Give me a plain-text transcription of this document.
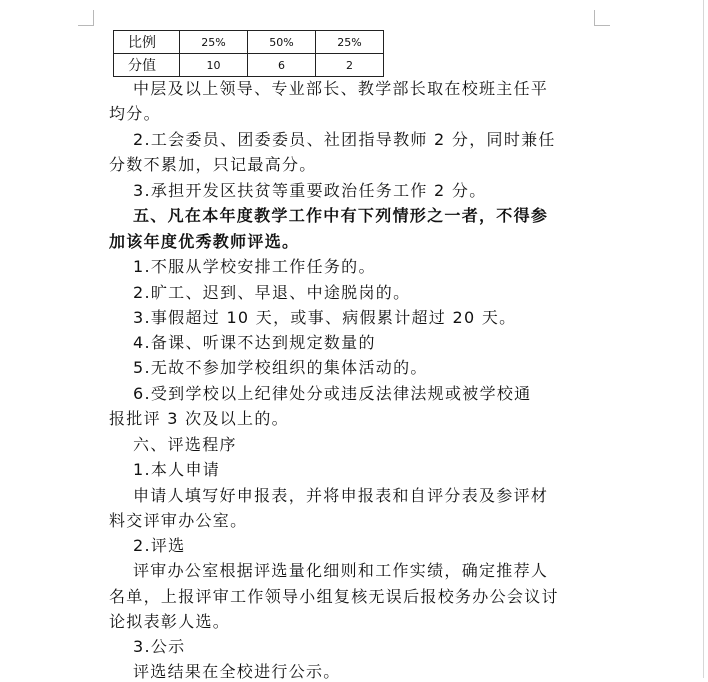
比例	25%	50%	25%
分值	10	6	2
中层及以上领导、专业部长、教学部长取在校班主任平
均分。
2.工会委员、团委委员、社团指导教师 2 分，同时兼任
分数不累加，只记最高分。
3.承担开发区扶贫等重要政治任务工作 2 分。
五、凡在本年度教学工作中有下列情形之一者，不得参
加该年度优秀教师评选。
1.不服从学校安排工作任务的。
2.旷工、迟到、早退、中途脱岗的。
3.事假超过 10 天，或事、病假累计超过 20 天。
4.备课、听课不达到规定数量的
5.无故不参加学校组织的集体活动的。
6.受到学校以上纪律处分或违反法律法规或被学校通
报批评 3 次及以上的。
六、评选程序
1.本人申请
申请人填写好申报表，并将申报表和自评分表及参评材
料交评审办公室。
2.评选
评审办公室根据评选量化细则和工作实绩，确定推荐人
名单，上报评审工作领导小组复核无误后报校务办公会议讨
论拟表彰人选。
3.公示
评选结果在全校进行公示。
